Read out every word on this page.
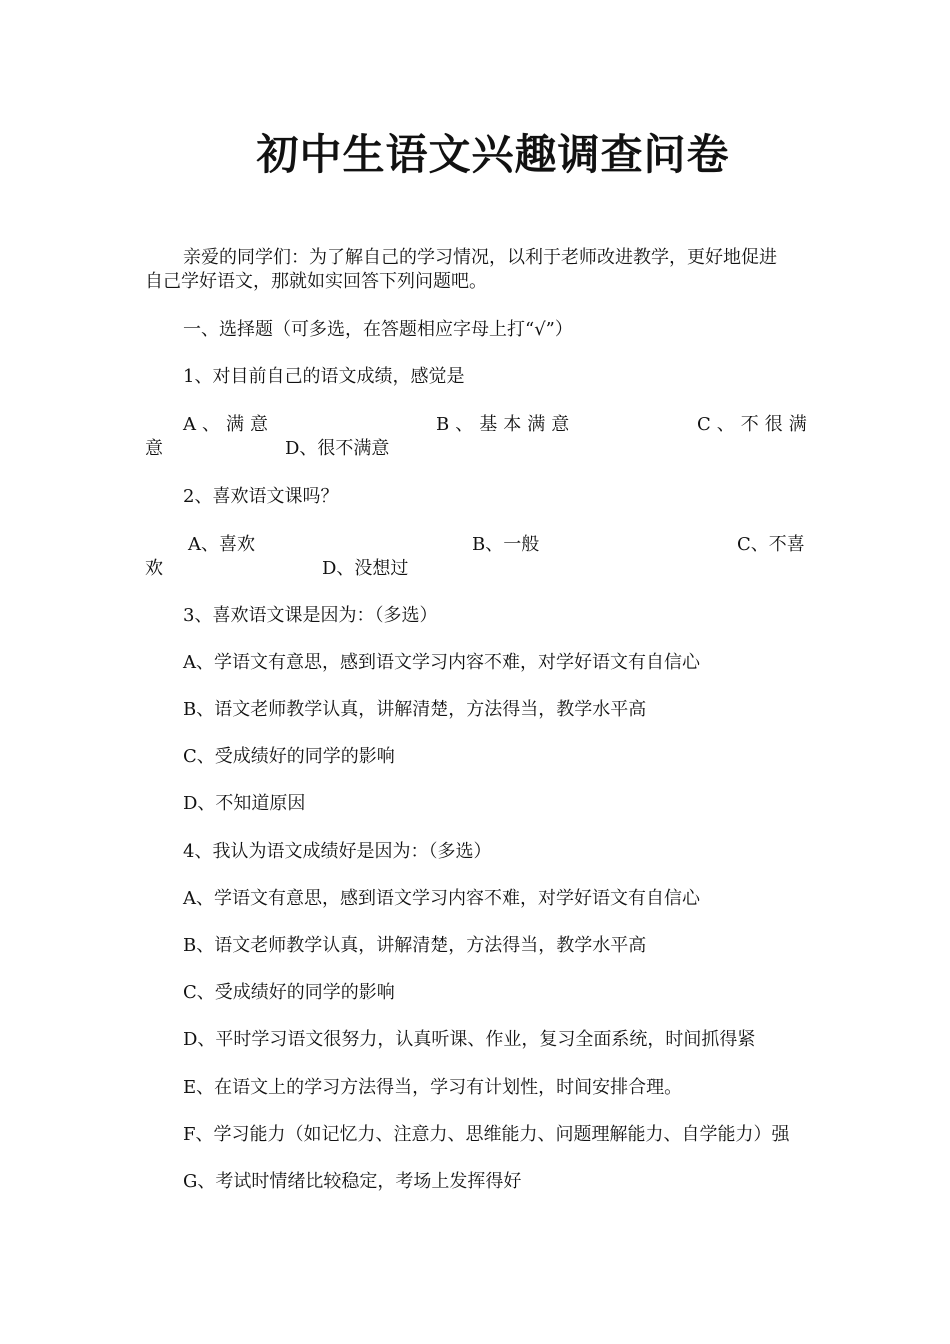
初中生语文兴趣调查问卷
亲爱的同学们：为了解自己的学习情况，以利于老师改进教学，更好地促进
自己学好语文，那就如实回答下列问题吧。
一、选择题（可多选，在答题相应字母上打“√”）
1、对目前自己的语文成绩，感觉是
A、满意	B、基本满意	C、不很满
意	D、很不满意
2、喜欢语文课吗？
A、喜欢	B、一般	C、不喜
欢	D、没想过
3、喜欢语文课是因为：（多选）
A、学语文有意思，感到语文学习内容不难，对学好语文有自信心
B、语文老师教学认真，讲解清楚，方法得当，教学水平高
C、受成绩好的同学的影响
D、不知道原因
4、我认为语文成绩好是因为：（多选）
A、学语文有意思，感到语文学习内容不难，对学好语文有自信心
B、语文老师教学认真，讲解清楚，方法得当，教学水平高
C、受成绩好的同学的影响
D、平时学习语文很努力，认真听课、作业，复习全面系统，时间抓得紧
E、在语文上的学习方法得当，学习有计划性，时间安排合理。
F、学习能力（如记忆力、注意力、思维能力、问题理解能力、自学能力）强
G、考试时情绪比较稳定，考场上发挥得好
